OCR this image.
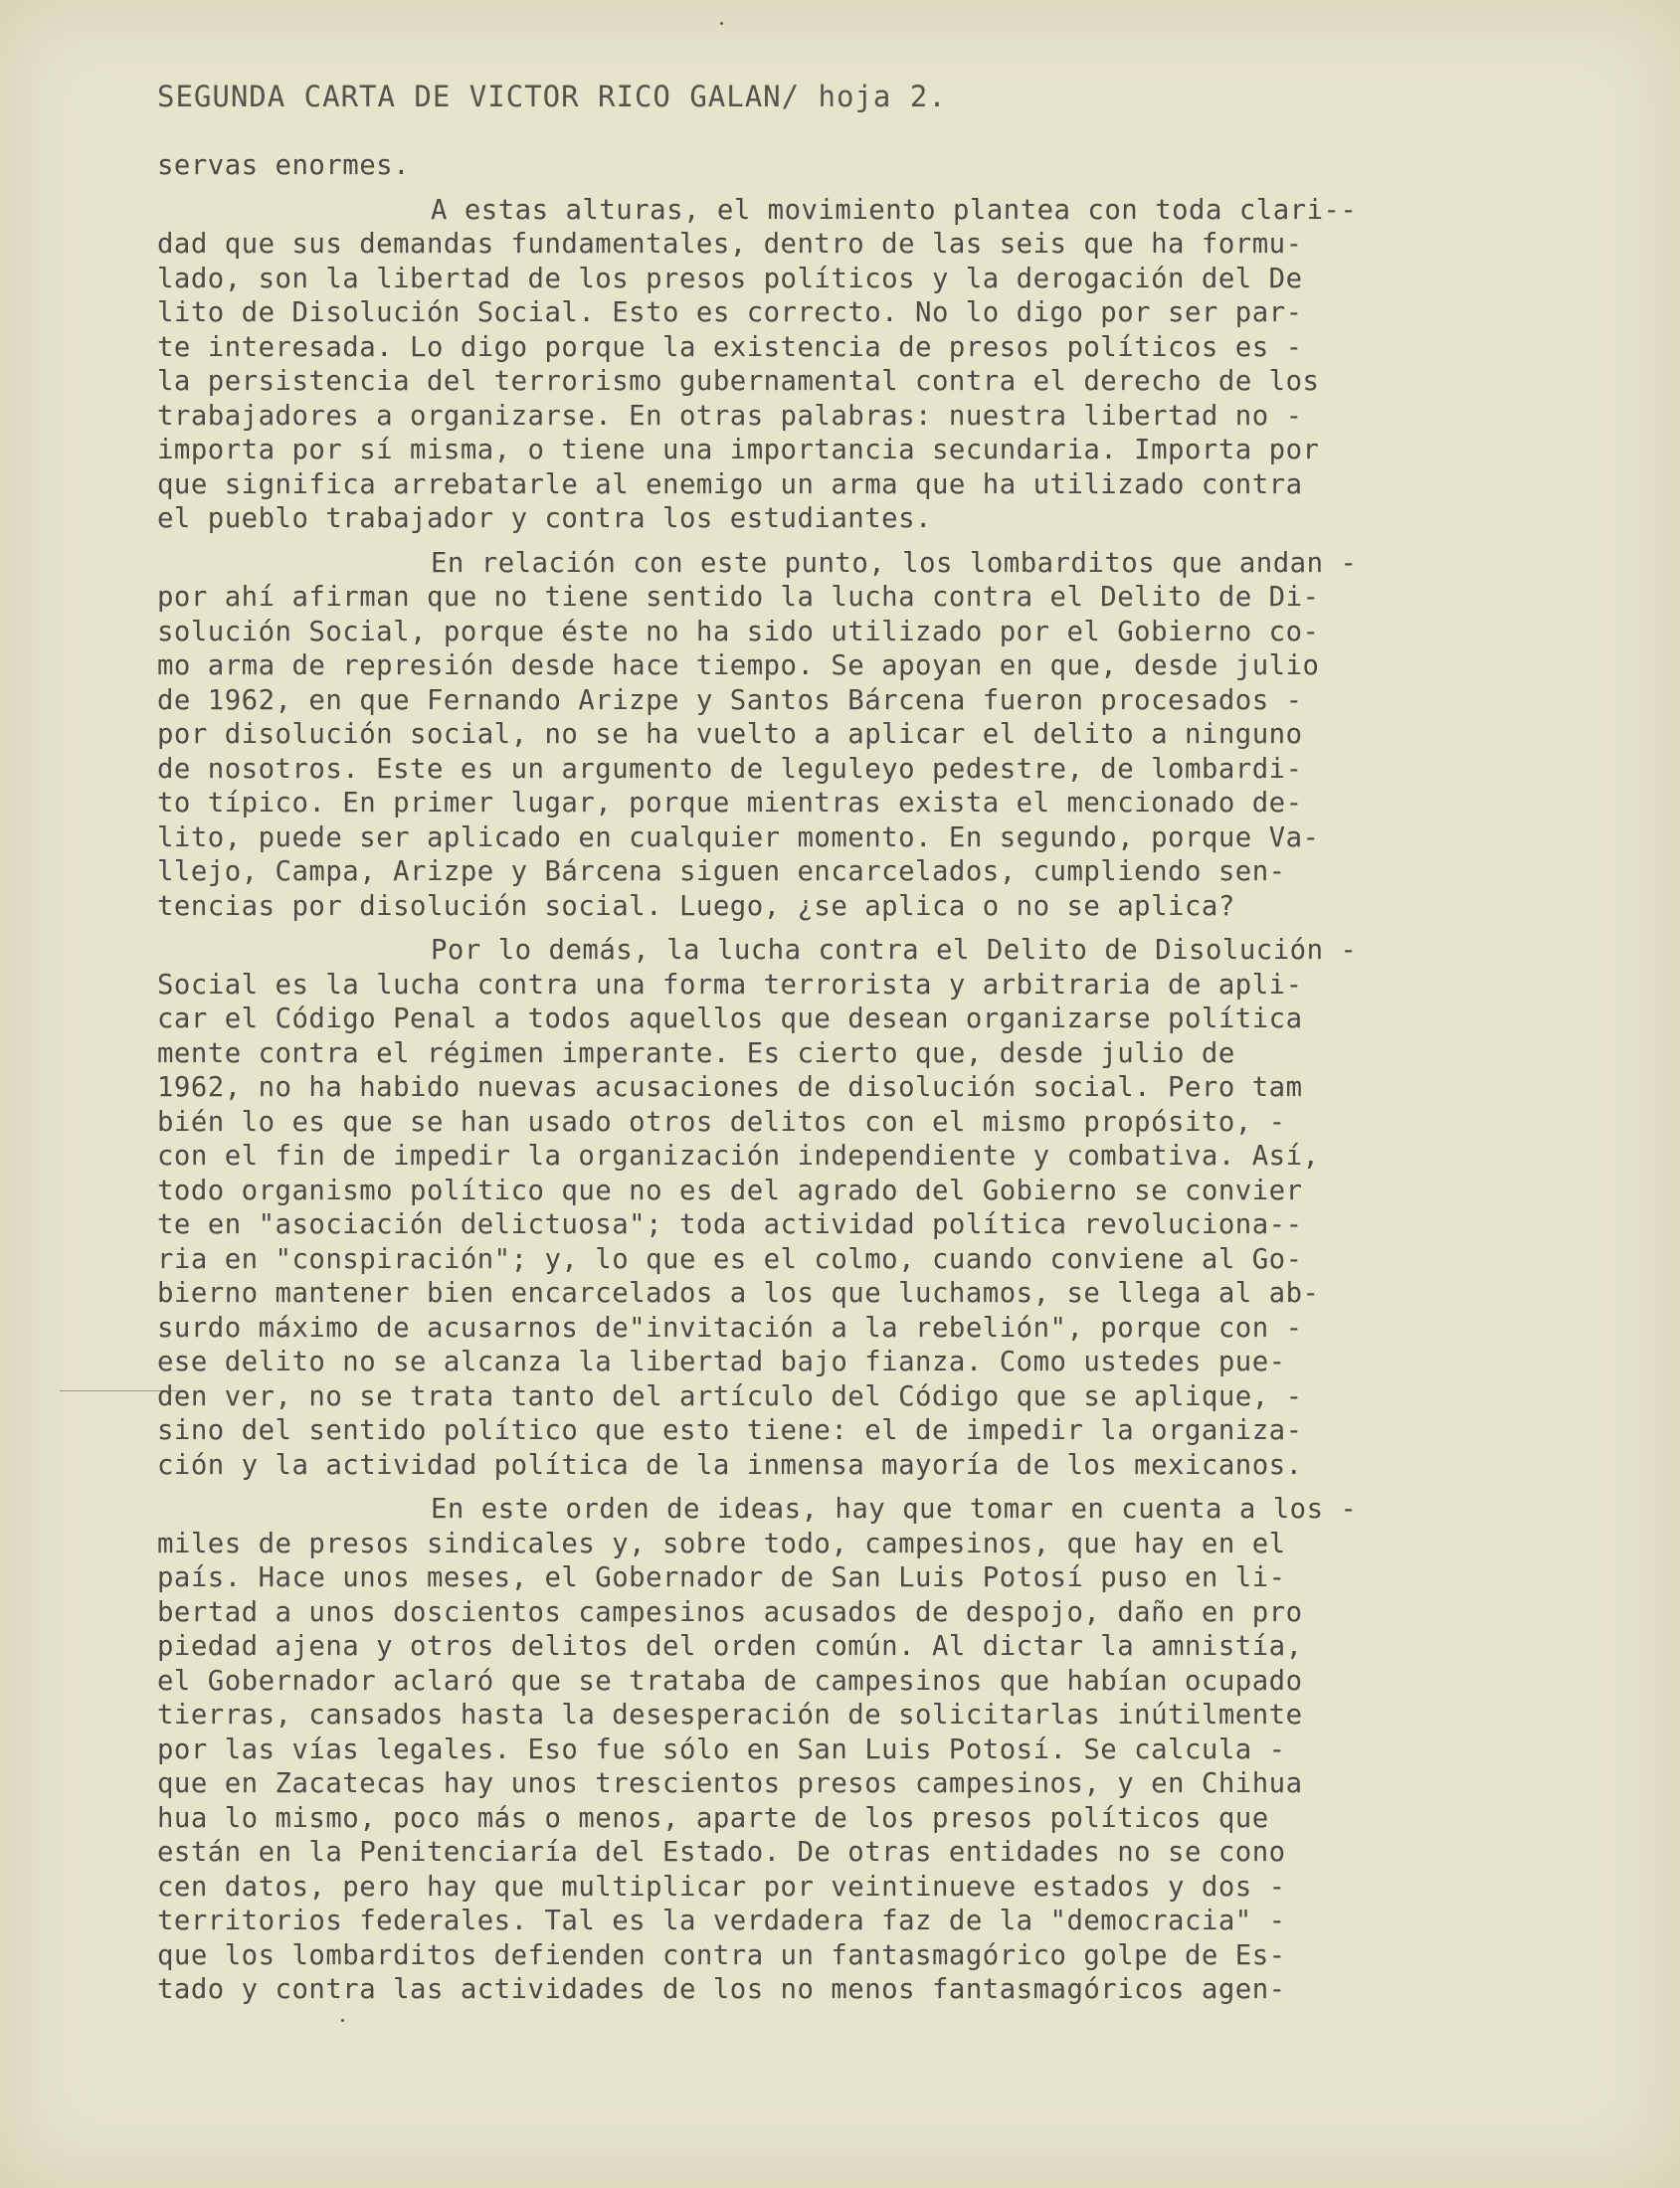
SEGUNDA CARTA DE VICTOR RICO GALAN/ hoja 2.
servas enormes.
A estas alturas, el movimiento plantea con toda clari--
dad que sus demandas fundamentales, dentro de las seis que ha formu-
lado, son la libertad de los presos políticos y la derogación del De
lito de Disolución Social. Esto es correcto. No lo digo por ser par-
te interesada. Lo digo porque la existencia de presos políticos es -
la persistencia del terrorismo gubernamental contra el derecho de los
trabajadores a organizarse. En otras palabras: nuestra libertad no -
importa por sí misma, o tiene una importancia secundaria. Importa por
que significa arrebatarle al enemigo un arma que ha utilizado contra
el pueblo trabajador y contra los estudiantes.
En relación con este punto, los lombarditos que andan -
por ahí afirman que no tiene sentido la lucha contra el Delito de Di-
solución Social, porque éste no ha sido utilizado por el Gobierno co-
mo arma de represión desde hace tiempo. Se apoyan en que, desde julio
de 1962, en que Fernando Arizpe y Santos Bárcena fueron procesados -
por disolución social, no se ha vuelto a aplicar el delito a ninguno
de nosotros. Este es un argumento de leguleyo pedestre, de lombardi-
to típico. En primer lugar, porque mientras exista el mencionado de-
lito, puede ser aplicado en cualquier momento. En segundo, porque Va-
llejo, Campa, Arizpe y Bárcena siguen encarcelados, cumpliendo sen-
tencias por disolución social. Luego, ¿se aplica o no se aplica?
Por lo demás, la lucha contra el Delito de Disolución -
Social es la lucha contra una forma terrorista y arbitraria de apli-
car el Código Penal a todos aquellos que desean organizarse política
mente contra el régimen imperante. Es cierto que, desde julio de
1962, no ha habido nuevas acusaciones de disolución social. Pero tam
bién lo es que se han usado otros delitos con el mismo propósito, -
con el fin de impedir la organización independiente y combativa. Así,
todo organismo político que no es del agrado del Gobierno se convier
te en "asociación delictuosa"; toda actividad política revoluciona--
ria en "conspiración"; y, lo que es el colmo, cuando conviene al Go-
bierno mantener bien encarcelados a los que luchamos, se llega al ab-
surdo máximo de acusarnos de"invitación a la rebelión", porque con -
ese delito no se alcanza la libertad bajo fianza. Como ustedes pue-
den ver, no se trata tanto del artículo del Código que se aplique, -
sino del sentido político que esto tiene: el de impedir la organiza-
ción y la actividad política de la inmensa mayoría de los mexicanos.
En este orden de ideas, hay que tomar en cuenta a los -
miles de presos sindicales y, sobre todo, campesinos, que hay en el
país. Hace unos meses, el Gobernador de San Luis Potosí puso en li-
bertad a unos doscientos campesinos acusados de despojo, daño en pro
piedad ajena y otros delitos del orden común. Al dictar la amnistía,
el Gobernador aclaró que se trataba de campesinos que habían ocupado
tierras, cansados hasta la desesperación de solicitarlas inútilmente
por las vías legales. Eso fue sólo en San Luis Potosí. Se calcula -
que en Zacatecas hay unos trescientos presos campesinos, y en Chihua
hua lo mismo, poco más o menos, aparte de los presos políticos que
están en la Penitenciaría del Estado. De otras entidades no se cono
cen datos, pero hay que multiplicar por veintinueve estados y dos -
territorios federales. Tal es la verdadera faz de la "democracia" -
que los lombarditos defienden contra un fantasmagórico golpe de Es-
tado y contra las actividades de los no menos fantasmagóricos agen-
